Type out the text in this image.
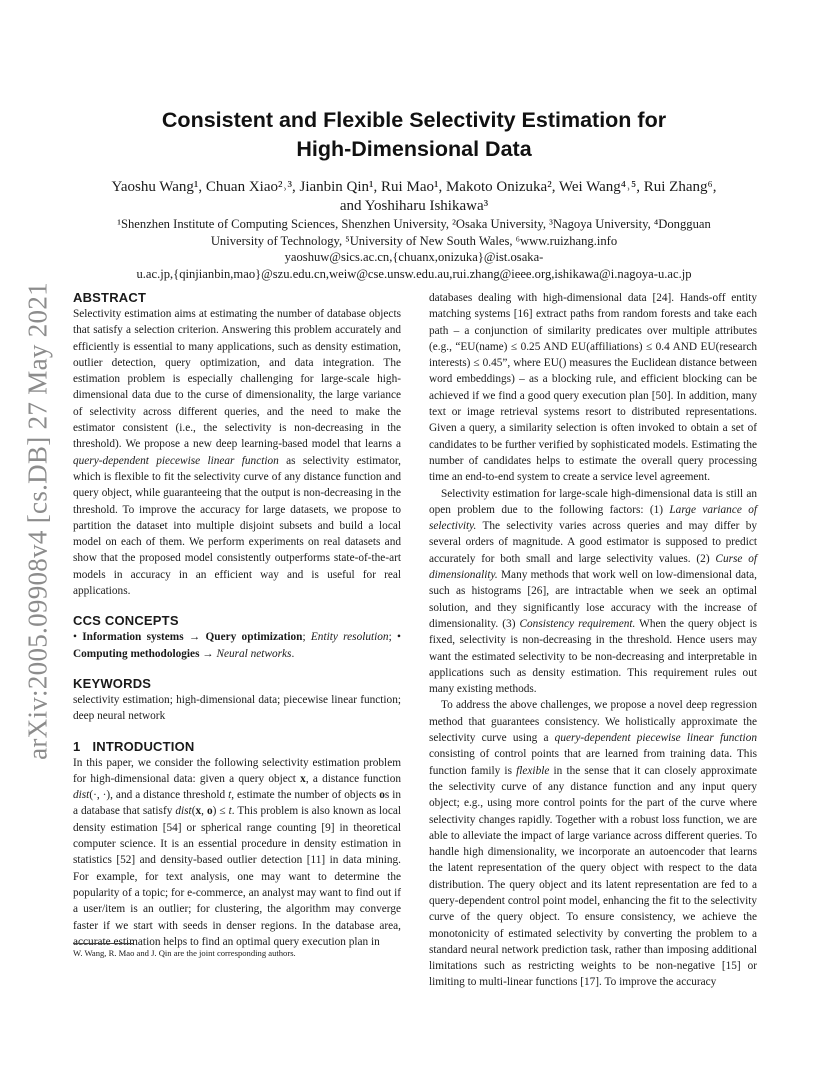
arXiv:2005.09908v4 [cs.DB] 27 May 2021
Consistent and Flexible Selectivity Estimation for
High-Dimensional Data
Yaoshu Wang¹, Chuan Xiao²˒³, Jianbin Qin¹, Rui Mao¹, Makoto Onizuka², Wei Wang⁴˒⁵, Rui Zhang⁶,
and Yoshiharu Ishikawa³
¹Shenzhen Institute of Computing Sciences, Shenzhen University, ²Osaka University, ³Nagoya University, ⁴Dongguan
University of Technology, ⁵University of New South Wales, ⁶www.ruizhang.info
yaoshuw@sics.ac.cn,{chuanx,onizuka}@ist.osaka-
u.ac.jp,{qinjianbin,mao}@szu.edu.cn,weiw@cse.unsw.edu.au,rui.zhang@ieee.org,ishikawa@i.nagoya-u.ac.jp
ABSTRACT

Selectivity estimation aims at estimating the number of database objects that satisfy a selection criterion. Answering this problem accurately and efficiently is essential to many applications, such as density estimation, outlier detection, query optimization, and data integration. The estimation problem is especially challenging for large-scale high-dimensional data due to the curse of dimensionality, the large variance of selectivity across different queries, and the need to make the estimator consistent (i.e., the selectivity is non-decreasing in the threshold). We propose a new deep learning-based model that learns a query-dependent piecewise linear function as selectivity estimator, which is flexible to fit the selectivity curve of any distance function and query object, while guaranteeing that the output is non-decreasing in the threshold. To improve the accuracy for large datasets, we propose to partition the dataset into multiple disjoint subsets and build a local model on each of them. We perform experiments on real datasets and show that the proposed model consistently outperforms state-of-the-art models in accuracy in an efficient way and is useful for real applications.

CCS CONCEPTS

• Information systems → Query optimization; Entity resolution; • Computing methodologies → Neural networks.

KEYWORDS

selectivity estimation; high-dimensional data; piecewise linear function; deep neural network

1 INTRODUCTION

In this paper, we consider the following selectivity estimation problem for high-dimensional data: given a query object x, a distance function dist(·, ·), and a distance threshold t, estimate the number of objects os in a database that satisfy dist(x, o) ≤ t. This problem is also known as local density estimation [54] or spherical range counting [9] in theoretical computer science. It is an essential procedure in density estimation in statistics [52] and density-based outlier detection [11] in data mining. For example, for text analysis, one may want to determine the popularity of a topic; for e-commerce, an analyst may want to find out if a user/item is an outlier; for clustering, the algorithm may converge faster if we start with seeds in denser regions. In the database area, accurate estimation helps to find an optimal query execution plan in

W. Wang, R. Mao and J. Qin are the joint corresponding authors.

databases dealing with high-dimensional data [24]. Hands-off entity matching systems [16] extract paths from random forests and take each path – a conjunction of similarity predicates over multiple attributes (e.g., “EU(name) ≤ 0.25 AND EU(affiliations) ≤ 0.4 AND EU(research interests) ≤ 0.45”, where EU() measures the Euclidean distance between word embeddings) – as a blocking rule, and efficient blocking can be achieved if we find a good query execution plan [50]. In addition, many text or image retrieval systems resort to distributed representations. Given a query, a similarity selection is often invoked to obtain a set of candidates to be further verified by sophisticated models. Estimating the number of candidates helps to estimate the overall query processing time an end-to-end system to create a service level agreement.

Selectivity estimation for large-scale high-dimensional data is still an open problem due to the following factors: (1) Large variance of selectivity. The selectivity varies across queries and may differ by several orders of magnitude. A good estimator is supposed to predict accurately for both small and large selectivity values. (2) Curse of dimensionality. Many methods that work well on low-dimensional data, such as histograms [26], are intractable when we seek an optimal solution, and they significantly lose accuracy with the increase of dimensionality. (3) Consistency requirement. When the query object is fixed, selectivity is non-decreasing in the threshold. Hence users may want the estimated selectivity to be non-decreasing and interpretable in applications such as density estimation. This requirement rules out many existing methods.

To address the above challenges, we propose a novel deep regression method that guarantees consistency. We holistically approximate the selectivity curve using a query-dependent piecewise linear function consisting of control points that are learned from training data. This function family is flexible in the sense that it can closely approximate the selectivity curve of any distance function and any input query object; e.g., using more control points for the part of the curve where selectivity changes rapidly. Together with a robust loss function, we are able to alleviate the impact of large variance across different queries. To handle high dimensionality, we incorporate an autoencoder that learns the latent representation of the query object with respect to the data distribution. The query object and its latent representation are fed to a query-dependent control point model, enhancing the fit to the selectivity curve of the query object. To ensure consistency, we achieve the monotonicity of estimated selectivity by converting the problem to a standard neural network prediction task, rather than imposing additional limitations such as restricting weights to be non-negative [15] or limiting to multi-linear functions [17]. To improve the accuracy
